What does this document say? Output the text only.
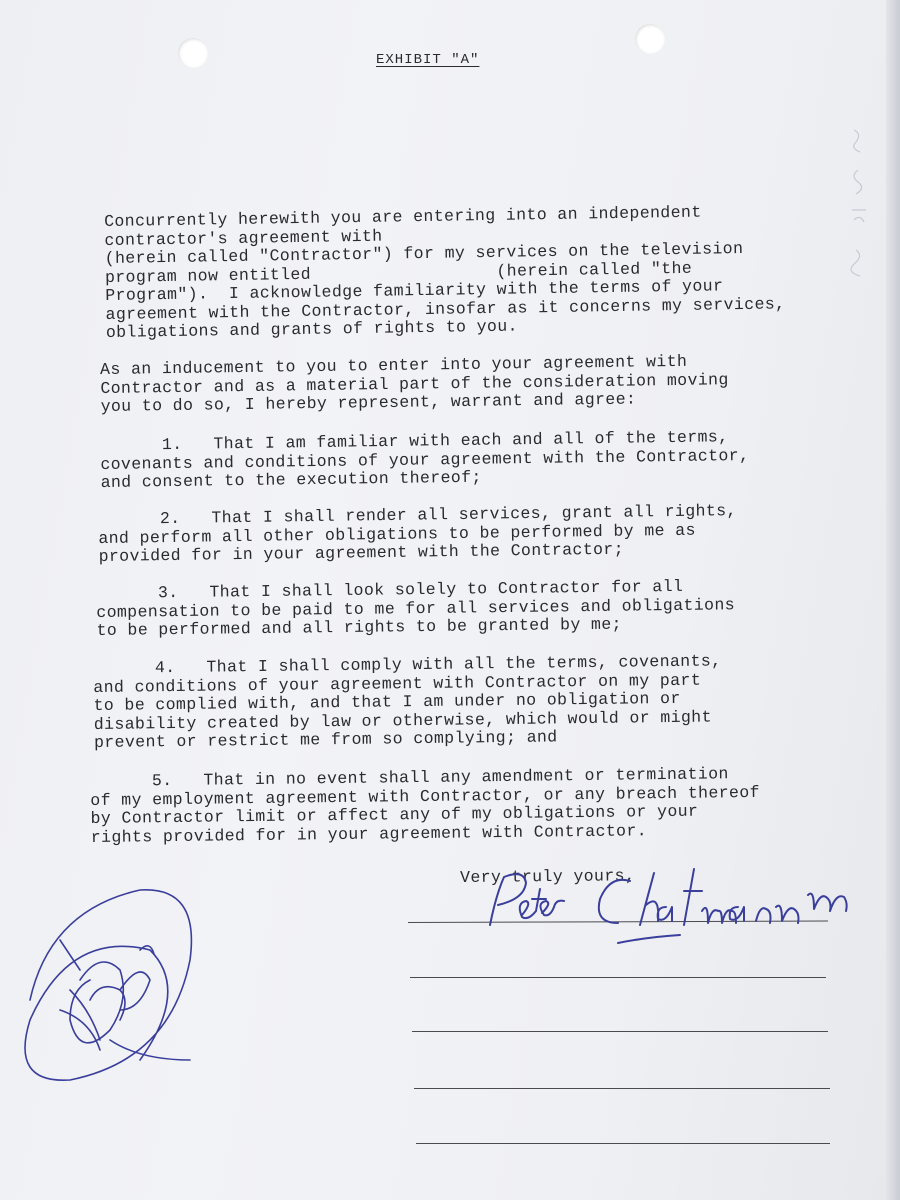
EXHIBIT "A"

Concurrently herewith you are entering into an independent
contractor's agreement with
(herein called "Contractor") for my services on the television
program now entitled                  (herein called "the
Program").  I acknowledge familiarity with the terms of your
agreement with the Contractor, insofar as it concerns my services,
obligations and grants of rights to you.

As an inducement to you to enter into your agreement with
Contractor and as a material part of the consideration moving
you to do so, I hereby represent, warrant and agree:

1.   That I am familiar with each and all of the terms,
covenants and conditions of your agreement with the Contractor,
and consent to the execution thereof;

2.   That I shall render all services, grant all rights,
and perform all other obligations to be performed by me as
provided for in your agreement with the Contractor;

3.   That I shall look solely to Contractor for all
compensation to be paid to me for all services and obligations
to be performed and all rights to be granted by me;

4.   That I shall comply with all the terms, covenants,
and conditions of your agreement with Contractor on my part
to be complied with, and that I am under no obligation or
disability created by law or otherwise, which would or might
prevent or restrict me from so complying; and

5.   That in no event shall any amendment or termination
of my employment agreement with Contractor, or any breach thereof
by Contractor limit or affect any of my obligations or your
rights provided for in your agreement with Contractor.

Very truly yours,
